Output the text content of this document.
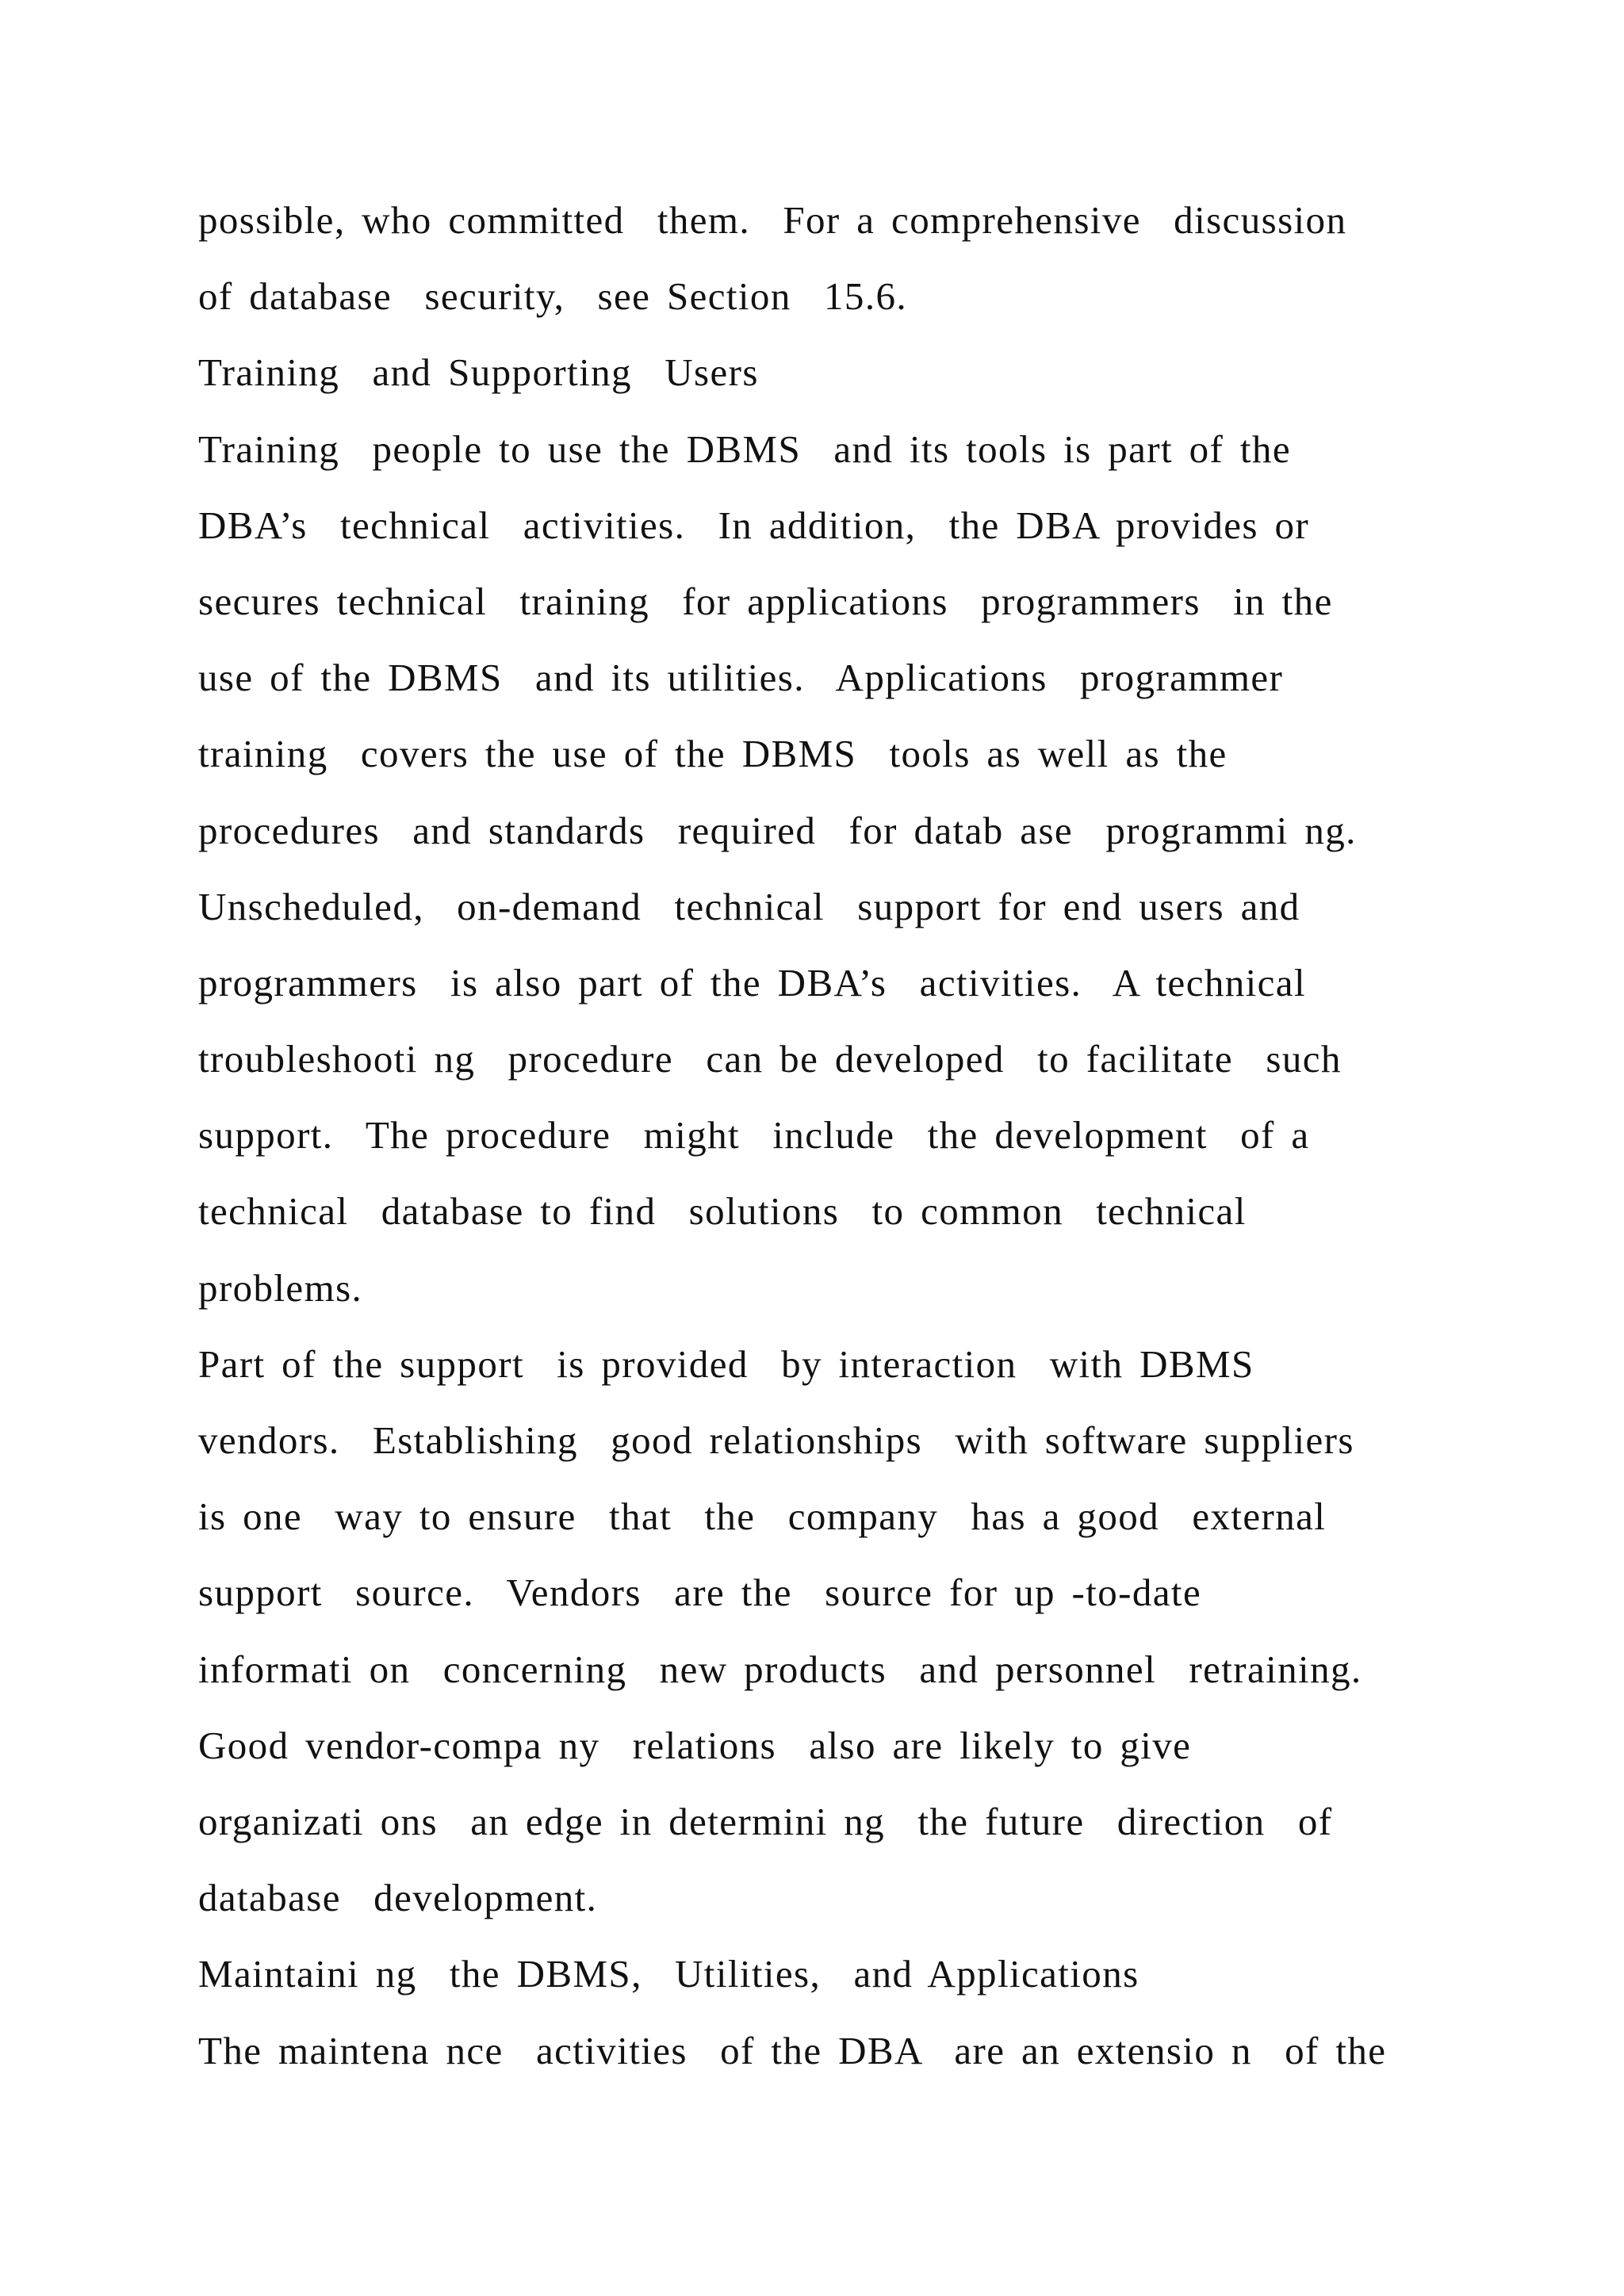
possible, who committed  them.  For a comprehensive  discussion
of database  security,  see Section  15.6.
Training  and Supporting  Users
Training  people to use the DBMS  and its tools is part of the
DBA’s  technical  activities.  In addition,  the DBA provides or
secures technical  training  for applications  programmers  in the
use of the DBMS  and its utilities.  Applications  programmer
training  covers the use of the DBMS  tools as well as the
procedures  and standards  required  for datab ase  programmi ng.
Unscheduled,  on-demand  technical  support for end users and
programmers  is also part of the DBA’s  activities.  A technical
troubleshooti ng  procedure  can be developed  to facilitate  such
support.  The procedure  might  include  the development  of a
technical  database to find  solutions  to common  technical
problems.
Part of the support  is provided  by interaction  with DBMS
vendors.  Establishing  good relationships  with software suppliers
is one  way to ensure  that  the  company  has a good  external
support  source.  Vendors  are the  source for up -to-date
informati on  concerning  new products  and personnel  retraining.
Good vendor-compa ny  relations  also are likely to give
organizati ons  an edge in determini ng  the future  direction  of
database  development.
Maintaini ng  the DBMS,  Utilities,  and Applications
The maintena nce  activities  of the DBA  are an extensio n  of the
